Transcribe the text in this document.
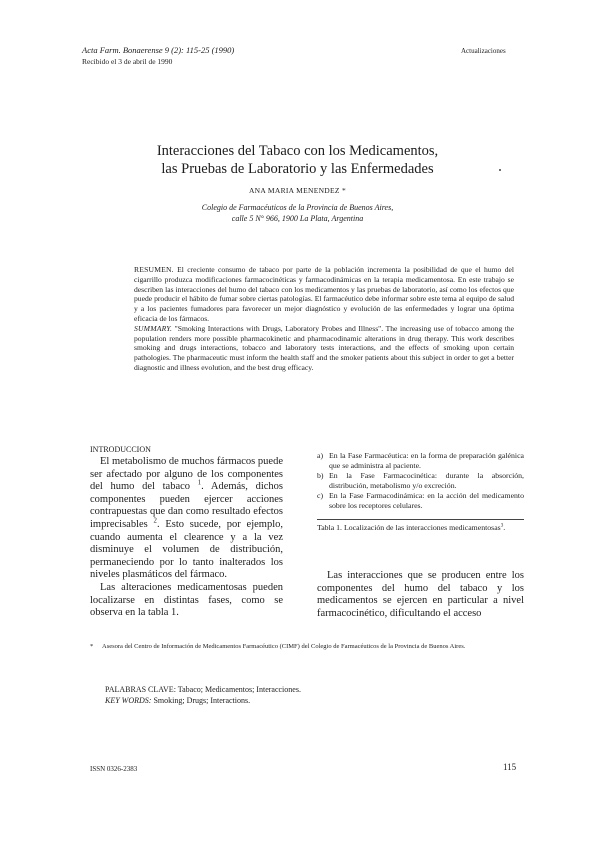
Acta Farm. Bonaerense 9 (2): 115-25 (1990)
Recibido el 3 de abril de 1990
Actualizaciones
Interacciones del Tabaco con los Medicamentos,
las Pruebas de Laboratorio y las Enfermedades
ANA MARIA MENENDEZ *
Colegio de Farmacéuticos de la Provincia de Buenos Aires,
calle 5 N° 966, 1900 La Plata, Argentina

RESUMEN. El creciente consumo de tabaco por parte de la población incrementa la posibilidad de que el humo del cigarrillo produzca modificaciones farmacocinéticas y farmacodinámicas en la terapia medicamentosa. En este trabajo se describen las interacciones del humo del tabaco con los medicamentos y las pruebas de laboratorio, así como los efectos que puede producir el hábito de fumar sobre ciertas patologías. El farmacéutico debe informar sobre este tema al equipo de salud y a los pacientes fumadores para favorecer un mejor diagnóstico y evolución de las enfermedades y lograr una óptima eficacia de los fármacos.

SUMMARY. "Smoking Interactions with Drugs, Laboratory Probes and Illness". The increasing use of tobacco among the population renders more possible pharmacokinetic and pharmacodinamic alterations in drug therapy. This work describes smoking and drugs interactions, tobacco and laboratory tests interactions, and the effects of smoking upon certain pathologies. The pharmaceutic must inform the health staff and the smoker patients about this subject in order to get a better diagnostic and illness evolution, and the best drug efficacy.

INTRODUCCION

El metabolismo de muchos fármacos puede ser afectado por alguno de los componentes del humo del tabaco $^1$. Además, dichos componentes pueden ejercer acciones contrapuestas que dan como resultado efectos imprecisables $^2$. Esto sucede, por ejemplo, cuando aumenta el clearence y a la vez disminuye el volumen de distribución, permaneciendo por lo tanto inalterados los niveles plasmáticos del fármaco.

Las alteraciones medicamentosas pueden localizarse en distintas fases, como se observa en la tabla 1.

a) En la Fase Farmacéutica: en la forma de preparación galénica que se administra al paciente.
b) En la Fase Farmacocinética: durante la absorción, distribución, metabolismo y/o excreción.
c) En la Fase Farmacodinámica: en la acción del medicamento sobre los receptores celulares.
Tabla 1. Localización de las interacciones medicamentosas$^3$.

Las interacciones que se producen entre los componentes del humo del tabaco y los medicamentos se ejercen en particular a nivel farmacocinético, dificultando el acceso

*	Asesora del Centro de Información de Medicamentos Farmacéutico (CIMF) del Colegio de Farmacéuticos de la Provincia de Buenos Aires.
PALABRAS CLAVE: Tabaco; Medicamentos; Interacciones.
KEY WORDS: Smoking; Drugs; Interactions.
ISSN 0326-2383	115
